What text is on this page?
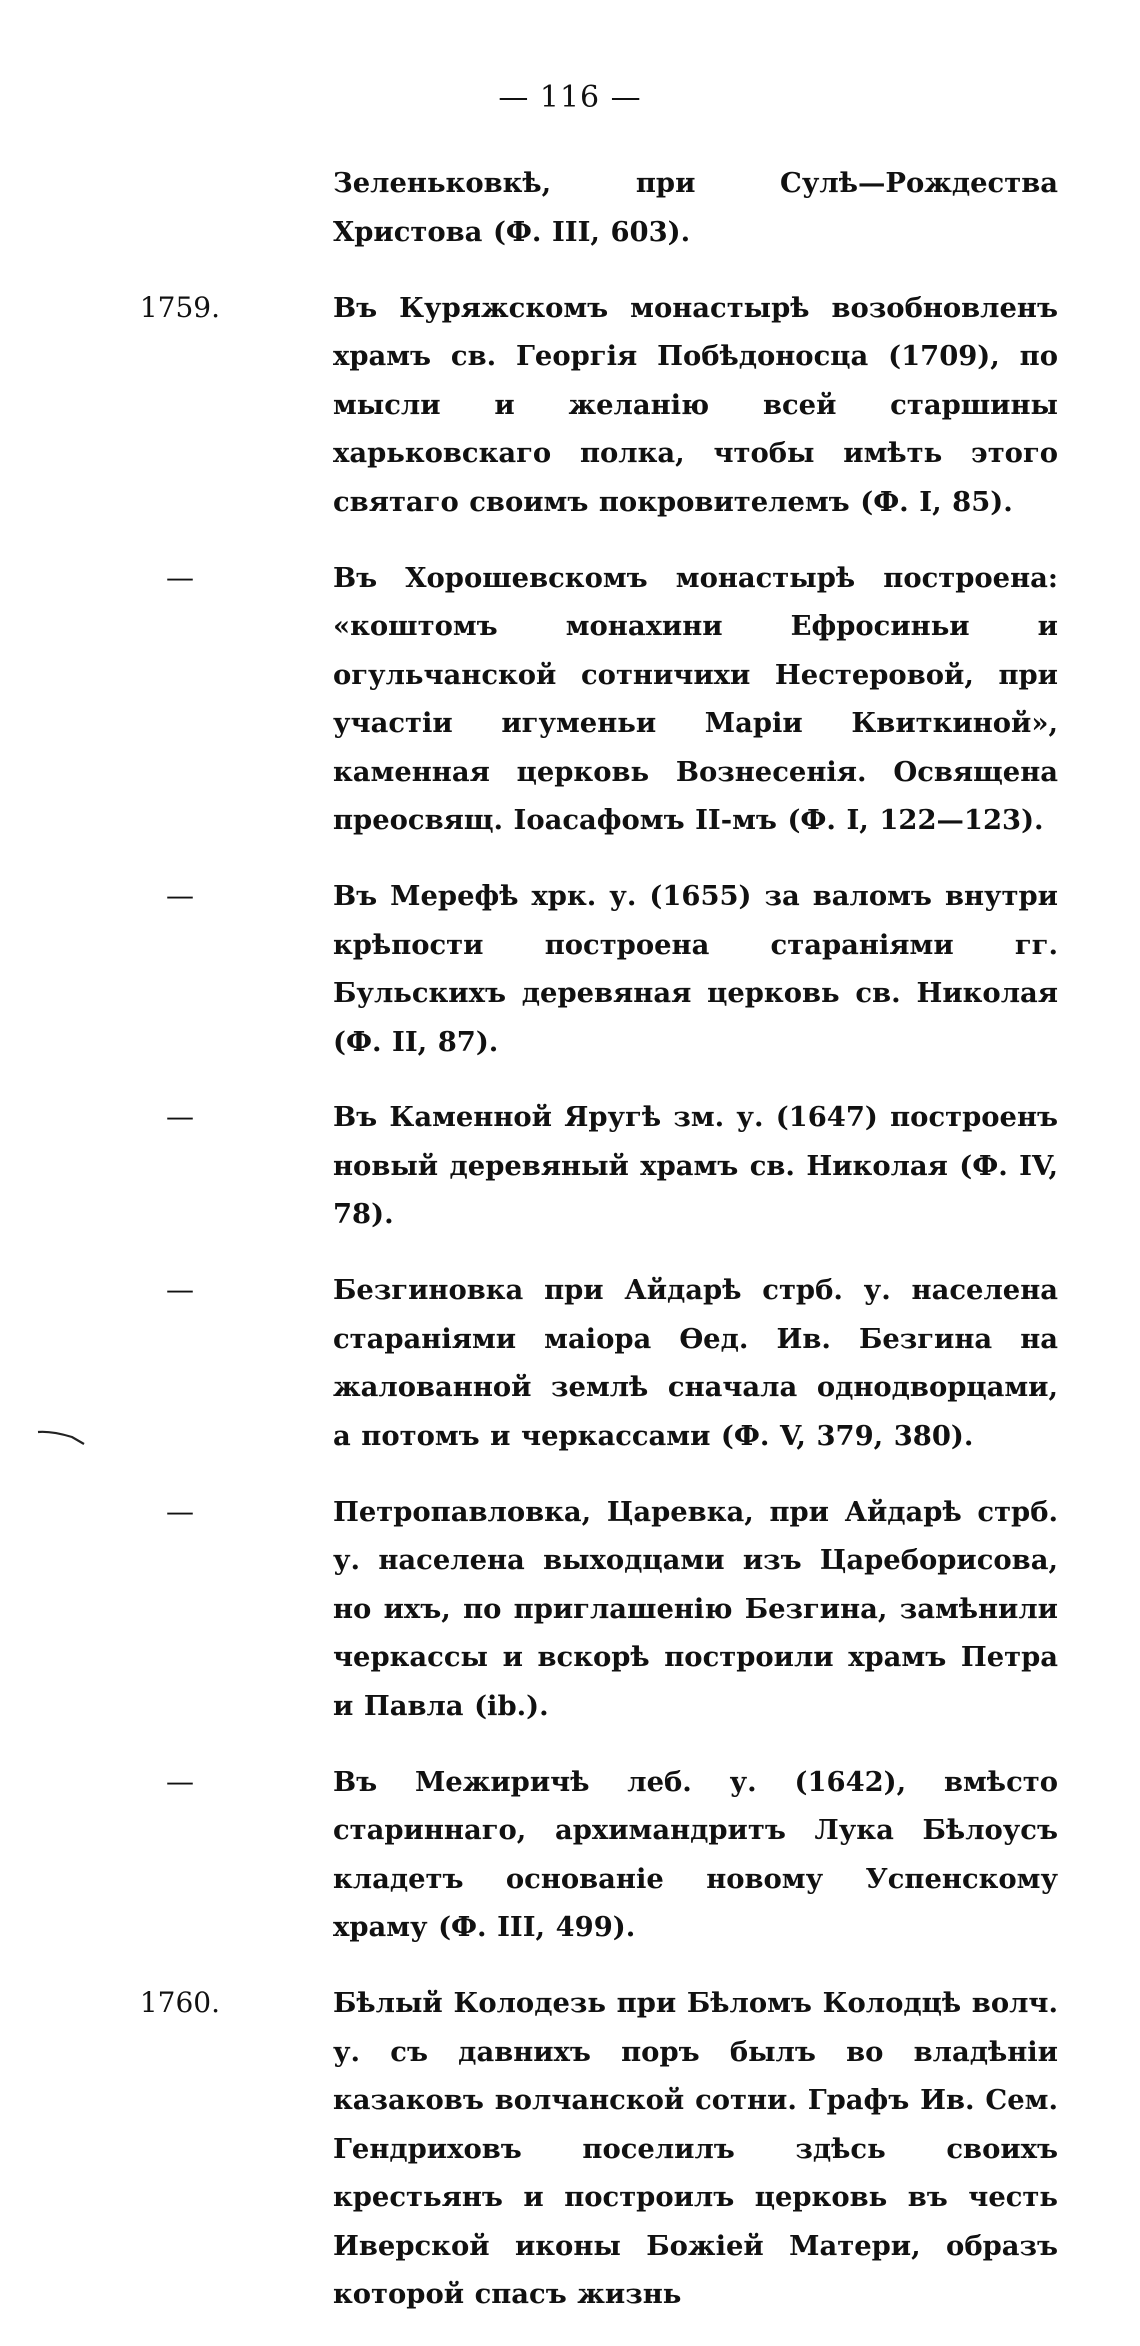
— 116 —

Зеленьковкѣ, при Сулѣ—Рождества Христова (Ф. III, 603).

1759.	Въ Куряжскомъ монастырѣ возобновленъ храмъ св. Георгія Побѣдоносца (1709), по мысли и желанію всей старшины харьковскаго полка, чтобы имѣть этого святаго своимъ покровителемъ (Ф. I, 85).

—	Въ Хорошевскомъ монастырѣ построена: «коштомъ монахини Ефросиньи и огульчанской сотничихи Нестеровой, при участіи игуменьи Маріи Квиткиной», каменная церковь Вознесенія. Освящена преосвящ. Іоасафомъ II-мъ (Ф. I, 122—123).

—	Въ Мерефѣ хрк. у. (1655) за валомъ внутри крѣпости построена стараніями гг. Бульскихъ деревяная церковь св. Николая (Ф. II, 87).

—	Въ Каменной Яругѣ зм. у. (1647) построенъ новый деревяный храмъ св. Николая (Ф. IV, 78).

—	Безгиновка при Айдарѣ стрб. у. населена стараніями маіора Өед. Ив. Безгина на жалованной землѣ сначала однодворцами, а потомъ и черкассами (Ф. V, 379, 380).

—	Петропавловка, Царевка, при Айдарѣ стрб. у. населена выходцами изъ Цареборисова, но ихъ, по приглашенію Безгина, замѣнили черкассы и вскорѣ построили храмъ Петра и Павла (ib.).

—	Въ Межиричѣ леб. у. (1642), вмѣсто стариннаго, архимандритъ Лука Бѣлоусъ кладетъ основаніе новому Успенскому храму (Ф. III, 499).

1760.	Бѣлый Колодезь при Бѣломъ Колодцѣ волч. у. съ давнихъ поръ былъ во владѣніи казаковъ волчанской сотни. Графъ Ив. Сем. Гендриховъ поселилъ здѣсь своихъ крестьянъ и построилъ церковь въ честь Иверской иконы Божіей Матери, образъ которой спасъ жизнь
